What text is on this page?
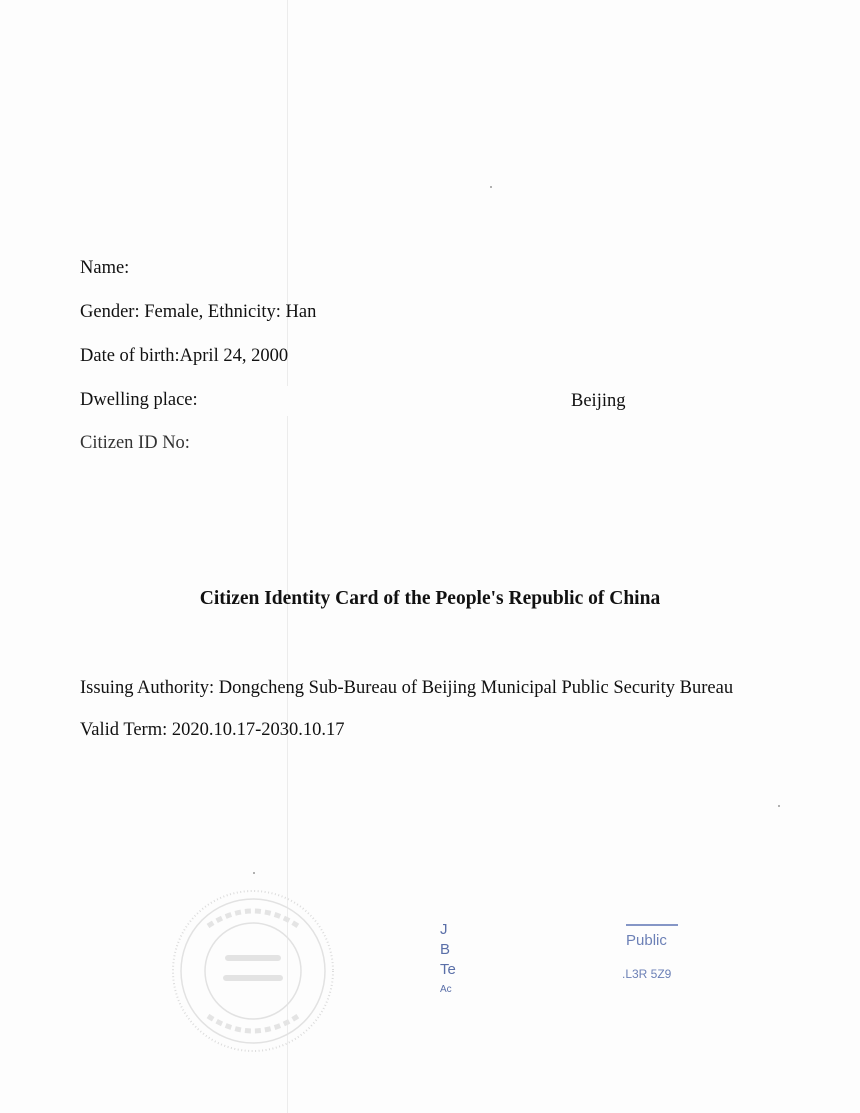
Name:
Gender: Female, Ethnicity: Han
Date of birth:April 24, 2000
Dwelling place:	Beijing
Citizen ID No:
Citizen Identity Card of the People's Republic of China
Issuing Authority: Dongcheng Sub-Bureau of Beijing Municipal Public Security Bureau
Valid Term: 2020.10.17-2030.10.17
J
B
Te
Ac
Public
.L3R 5Z9
